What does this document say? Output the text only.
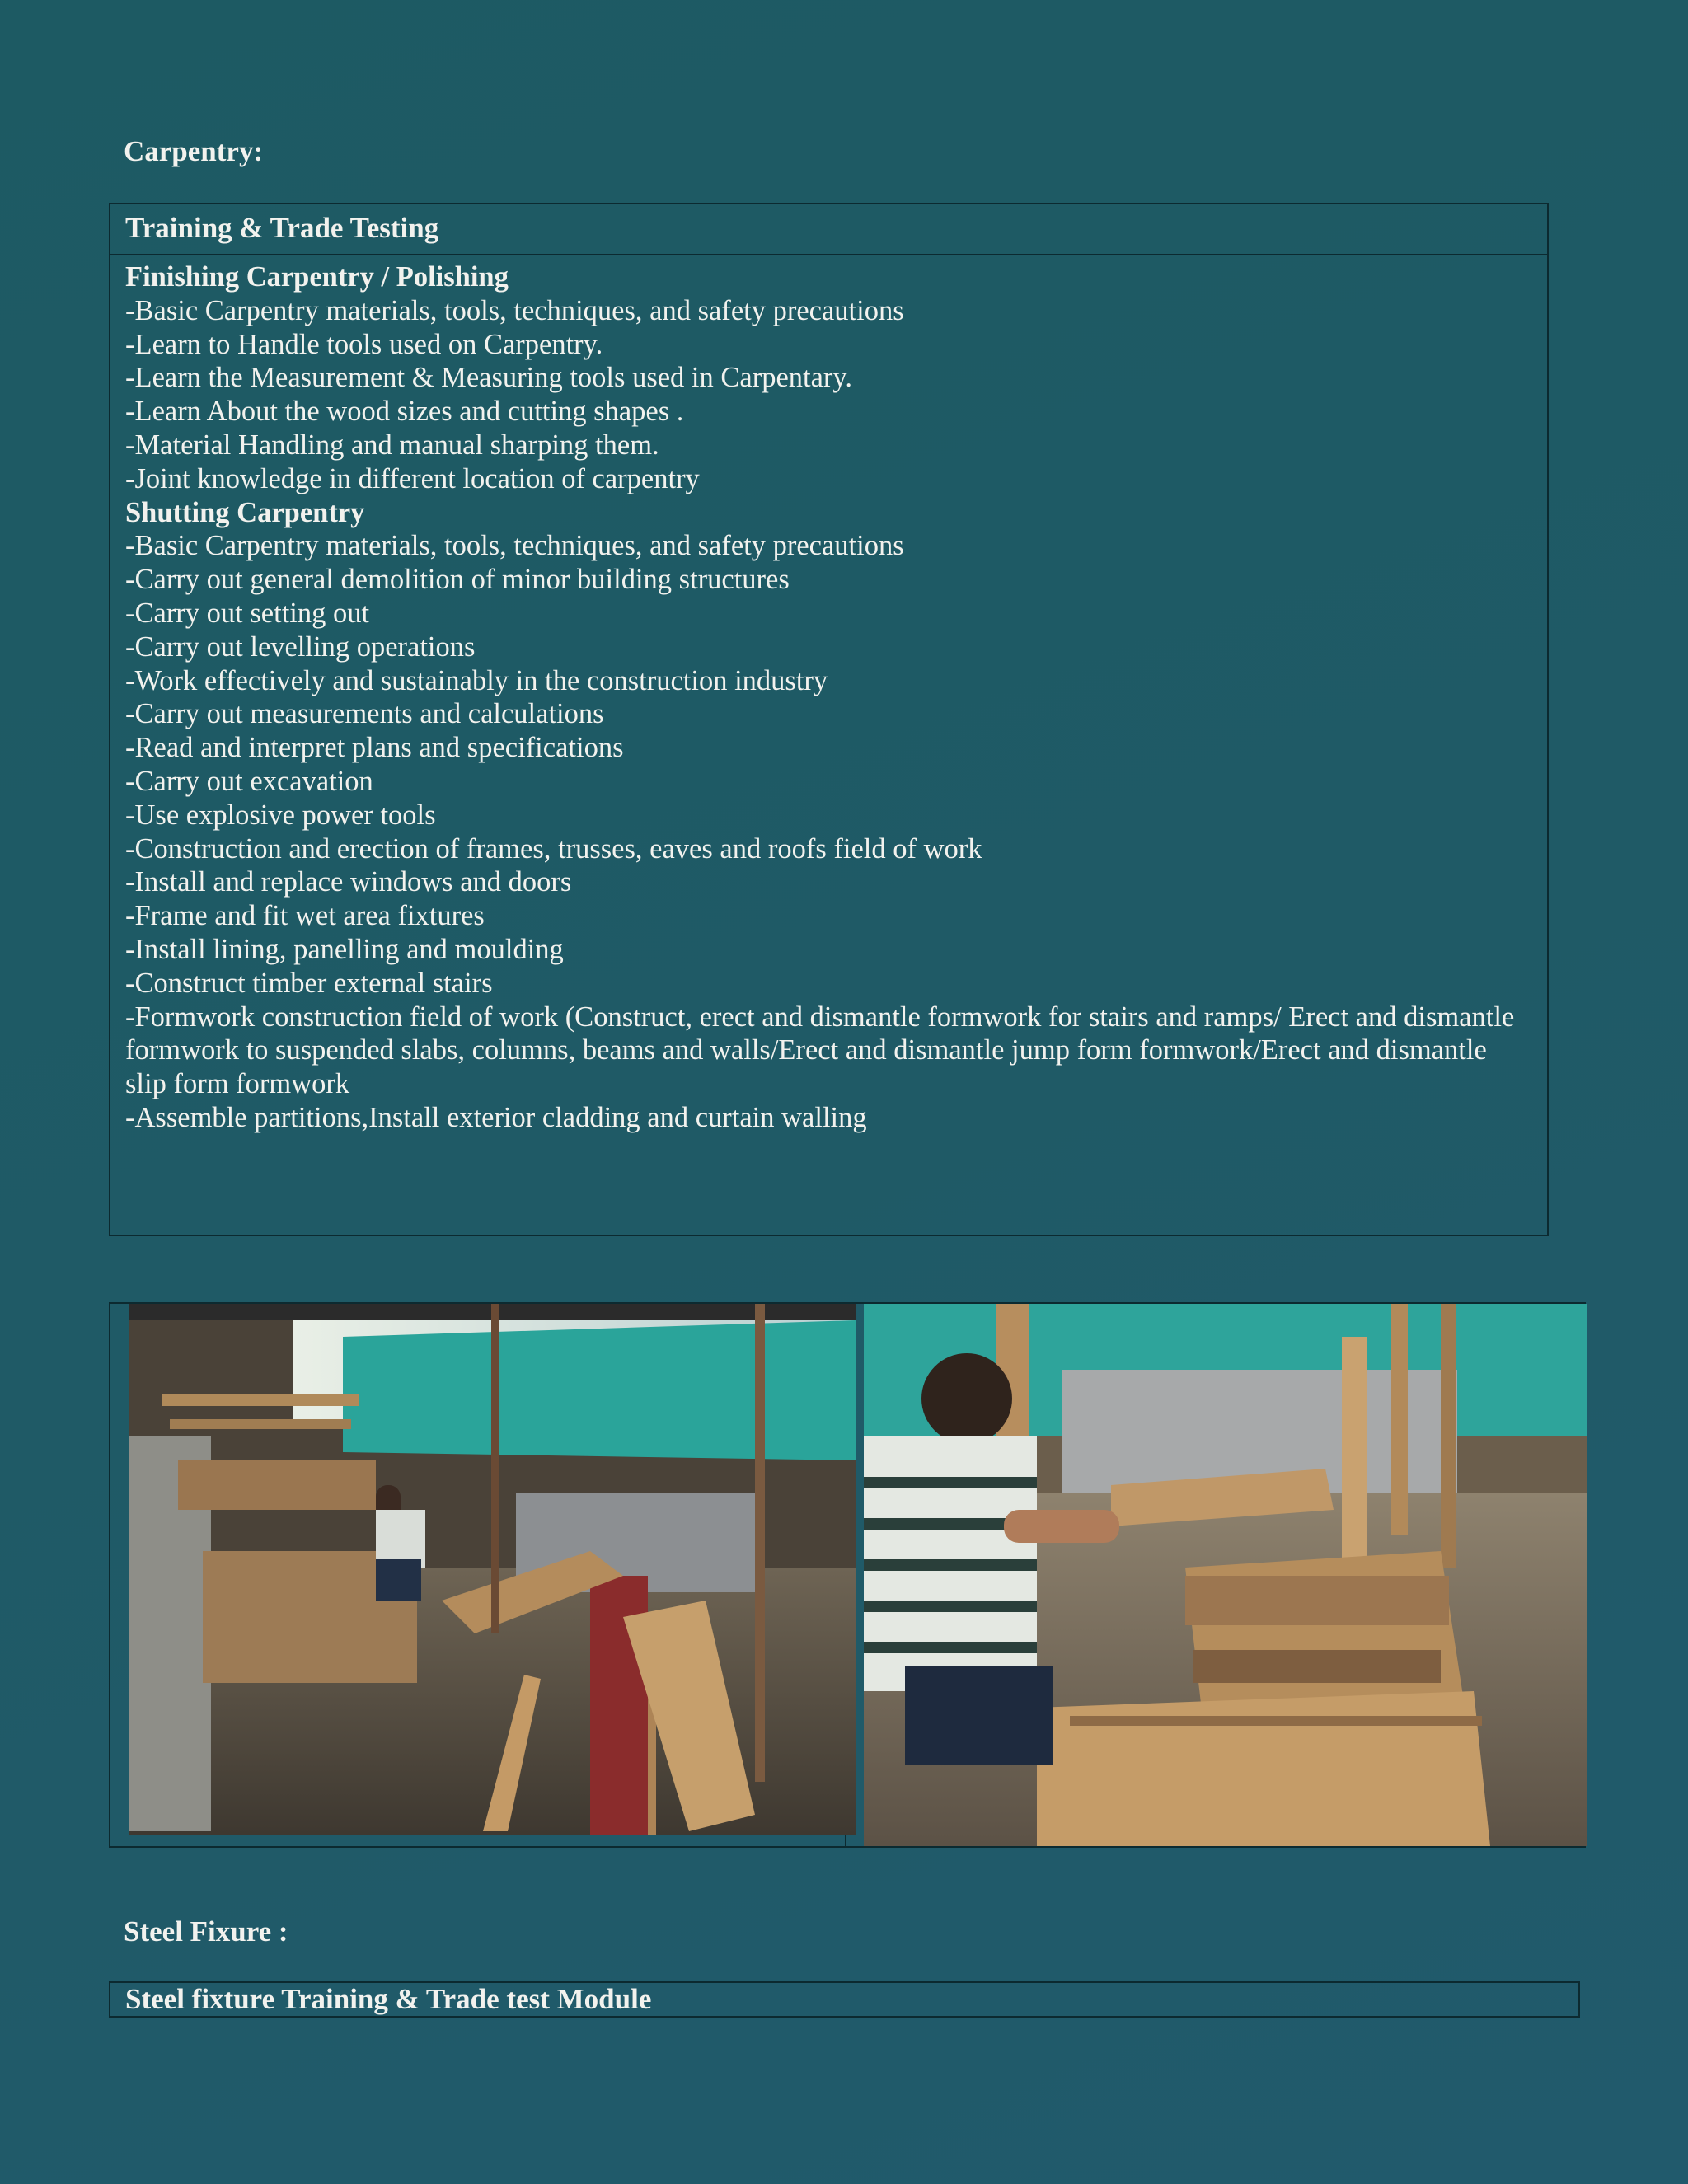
Carpentry:
Training & Trade Testing
Finishing Carpentry / Polishing
-Basic Carpentry materials, tools, techniques, and safety precautions
-Learn to Handle tools used on Carpentry.
-Learn the Measurement & Measuring tools used in Carpentary.
-Learn About the wood sizes and cutting shapes .
-Material Handling and manual sharping them.
-Joint knowledge in different location of carpentry
Shutting Carpentry
-Basic Carpentry materials, tools, techniques, and safety precautions
-Carry out general demolition of minor building structures
-Carry out setting out
-Carry out levelling operations
-Work effectively and sustainably in the construction industry
-Carry out measurements and calculations
-Read and interpret plans and specifications
-Carry out excavation
-Use explosive power tools
-Construction and erection of frames, trusses, eaves and roofs field of work
-Install and replace windows and doors
-Frame and fit wet area fixtures
-Install lining, panelling and moulding
-Construct timber external stairs
-Formwork construction field of work (Construct, erect and dismantle formwork for stairs and ramps/ Erect and dismantle formwork to suspended slabs, columns, beams and walls/Erect and dismantle jump form formwork/Erect and dismantle slip form formwork
-Assemble partitions,Install exterior cladding and curtain walling
Steel Fixure :
Steel fixture Training & Trade test Module
